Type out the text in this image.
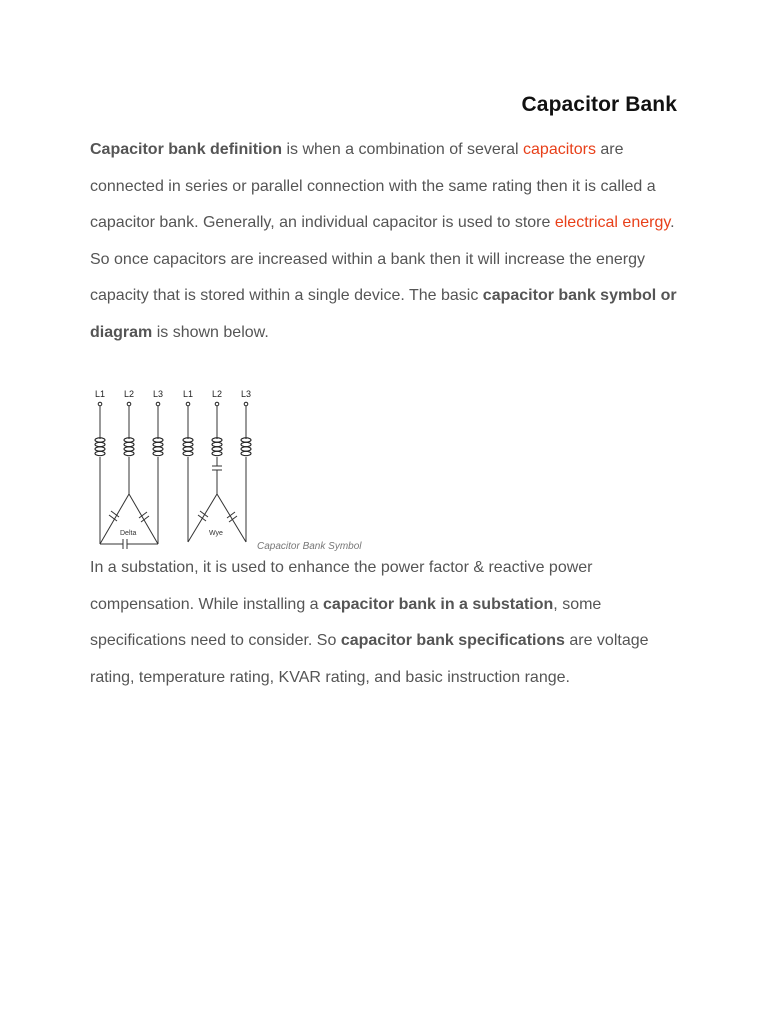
Capacitor Bank

Capacitor bank definition is when a combination of several capacitors are connected in series or parallel connection with the same rating then it is called a capacitor bank. Generally, an individual capacitor is used to store electrical energy. So once capacitors are increased within a bank then it will increase the energy capacity that is stored within a single device. The basic capacitor bank symbol or diagram is shown below.

L1 L2 L3
Delta
L1 L2 L3
Wye
Capacitor Bank Symbol

In a substation, it is used to enhance the power factor & reactive power compensation. While installing a capacitor bank in a substation, some specifications need to consider. So capacitor bank specifications are voltage rating, temperature rating, KVAR rating, and basic instruction range.
